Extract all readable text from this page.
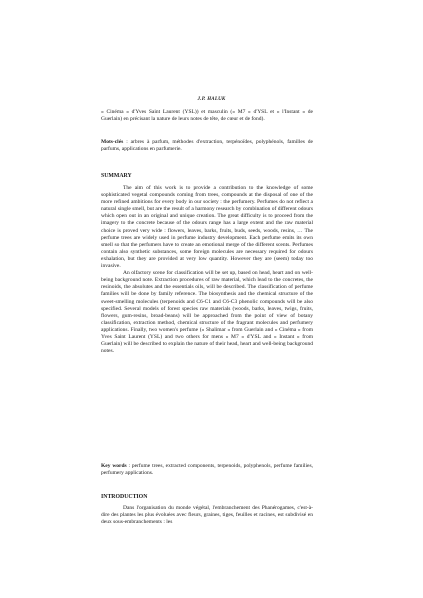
J.P. HALUK

« Cinéma » d'Yves Saint Laurent (YSL)) et masculin (« M7 » d'YSL et « l'Instant » de Guerlain) en précisant la nature de leurs notes de tête, de cœur et de fond).

Mots-clés : arbres à parfum, méthodes d'extraction, terpénoïdes, polyphénols, familles de parfums, applications en parfumerie.

SUMMARY

The aim of this work is to provide a contribution to the knowledge of some sophisticated vegetal compounds coming from trees, compounds at the disposal of one of the more refined ambitions for every body in our society : the perfumery. Perfumes do not reflect a natural single smell, but are the result of a harmony research by combination of different odours which open out in an original and unique creation. The great difficulty is to proceed from the imagery to the concrete because of the odours range has a large extent and the raw material choice is proved very wide : flowers, leaves, barks, fruits, buds, seeds, woods, resins, … The perfume trees are widely used in perfume industry development. Each perfume emits its own smell so that the perfumers have to create an emotional merge of the different scents. Perfumes contain also synthetic substances, some foreign molecules are necessary required for odours exhalation, but they are provided at very low quantity. However they are (seem) today too invasive.

An olfactory scene for classification will be set up, based on head, heart and on well-being background note. Extraction procedures of raw material, which lead to the concretes, the resinoids, the absolutes and the essentials oils, will be described. The classification of perfume families will be done by family reference. The biosynthesis and the chemical structure of the sweet-smelling molecules (terpenoids and C6-C1 and C6-C3 phenolic compounds will be also specified. Several models of forest species raw materials (woods, barks, leaves, twigs, fruits, flowers, gum-resins, broad-beans) will be approached from the point of view of botany classification, extraction method, chemical structure of the fragrant molecules and perfumery applications. Finally, two women's perfume (« Shalimar » from Guerlain and « Cinéma » from Yves Saint Laurent (YSL) and two others for mens « M7 » d'YSL and « Instant » from Guerlain) will be described to explain the nature of their head, heart and well-being background notes.

Key words : perfume trees, extracted components, terpenoids, polyphenols, perfume families, perfumery applications.

INTRODUCTION

Dans l'organisation du monde végétal, l'embranchement des Phanérogames, c'est-à-dire des plantes les plus évoluées avec fleurs, graines, tiges, feuilles et racines, est subdivisé en deux sous-embranchements : les
